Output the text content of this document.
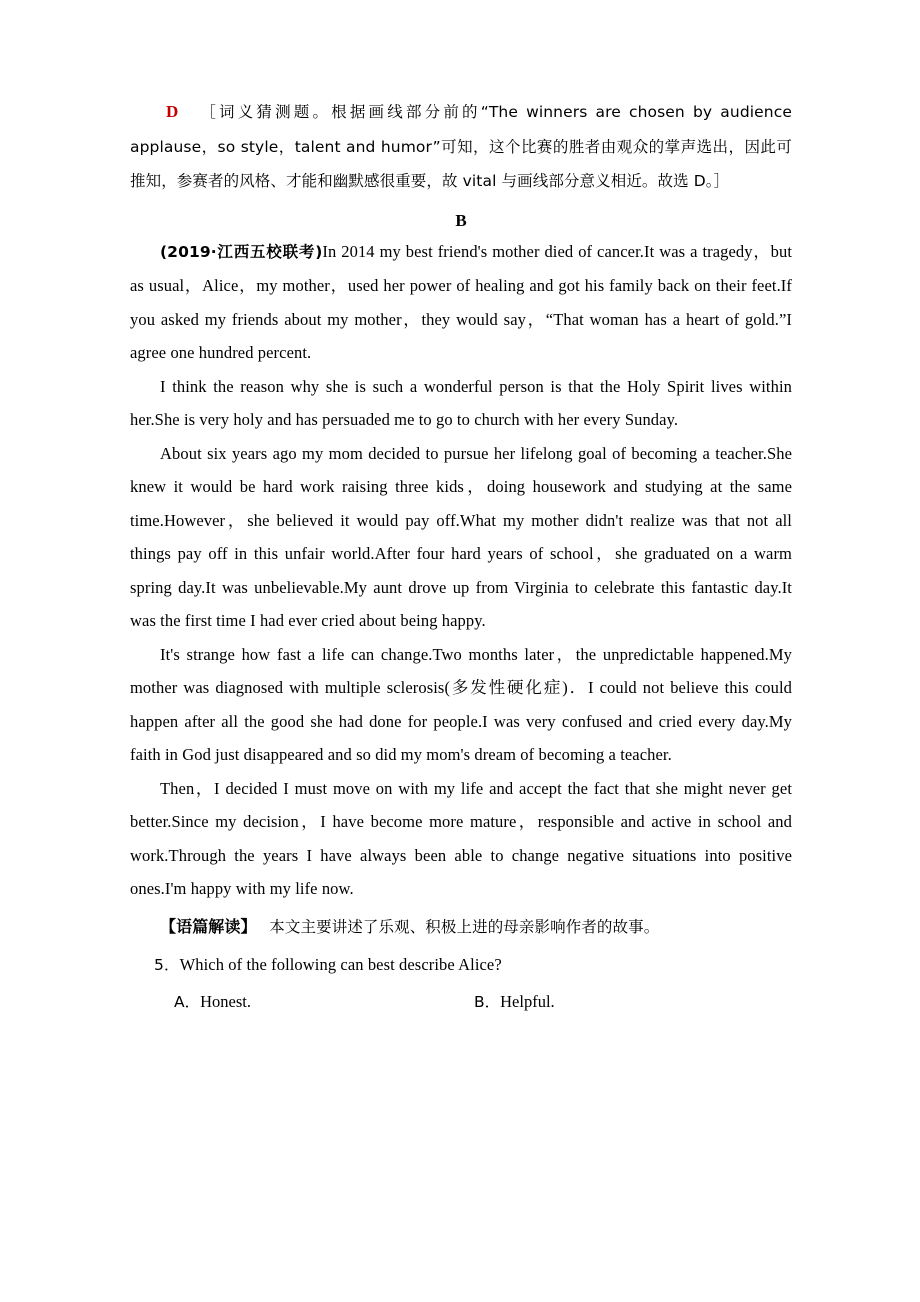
D ［词义猜测题。根据画线部分前的“The winners are chosen by audience applause，so style，talent and humor”可知，这个比赛的胜者由观众的掌声选出，因此可推知，参赛者的风格、才能和幽默感很重要，故 vital 与画线部分意义相近。故选 D。］

B

(2019·江西五校联考)In 2014 my best friend's mother died of cancer.It was a tragedy，but as usual，Alice，my mother，used her power of healing and got his family back on their feet.If you asked my friends about my mother，they would say，“That woman has a heart of gold.”I agree one hundred percent.

I think the reason why she is such a wonderful person is that the Holy Spirit lives within her.She is very holy and has persuaded me to go to church with her every Sunday.

About six years ago my mom decided to pursue her lifelong goal of becoming a teacher.She knew it would be hard work raising three kids，doing housework and studying at the same time.However，she believed it would pay off.What my mother didn't realize was that not all things pay off in this unfair world.After four hard years of school，she graduated on a warm spring day.It was unbelievable.My aunt drove up from Virginia to celebrate this fantastic day.It was the first time I had ever cried about being happy.

It's strange how fast a life can change.Two months later，the unpredictable happened.My mother was diagnosed with multiple sclerosis(多发性硬化症)．I could not believe this could happen after all the good she had done for people.I was very confused and cried every day.My faith in God just disappeared and so did my mom's dream of becoming a teacher.

Then，I decided I must move on with my life and accept the fact that she might never get better.Since my decision，I have become more mature，responsible and active in school and work.Through the years I have always been able to change negative situations into positive ones.I'm happy with my life now.

【语篇解读】 本文主要讲述了乐观、积极上进的母亲影响作者的故事。

5．Which of the following can best describe Alice?

A．Honest.	B．Helpful.
